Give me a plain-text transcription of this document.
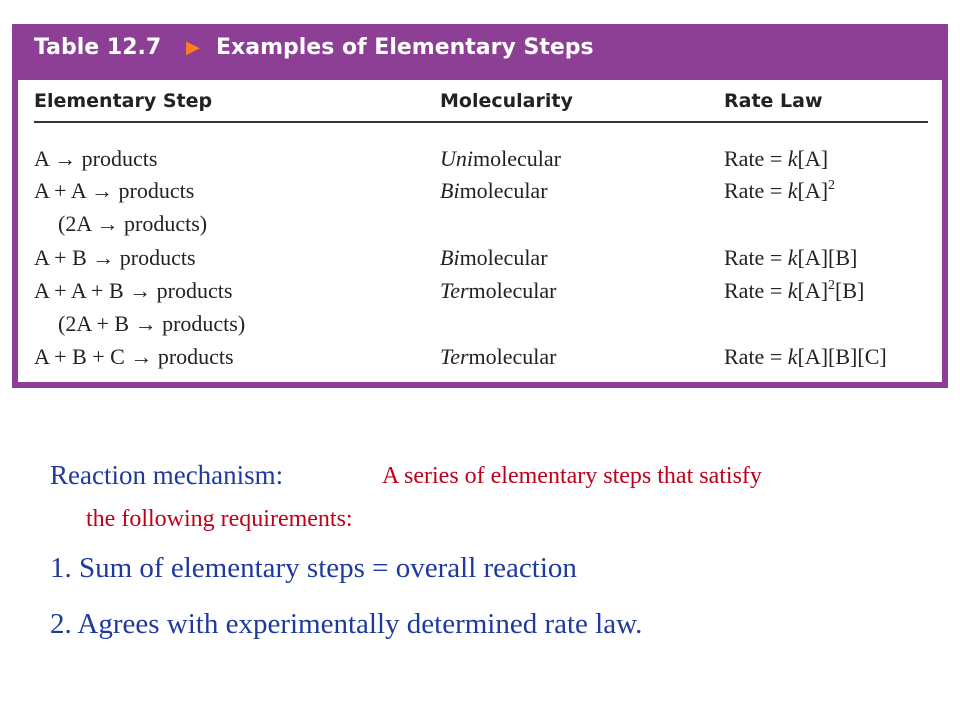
Table 12.7 ▶ Examples of Elementary Steps
Elementary Step	Molecularity	Rate Law
A → products	Unimolecular	Rate = k[A]
A + A → products	Bimolecular	Rate = $k[A]^2$
(2A → products)
A + B → products	Bimolecular	Rate = k[A][B]
A + A + B → products	Termolecular	Rate = $k[A]^2[B]$
(2A + B → products)
A + B + C → products	Termolecular	Rate = k[A][B][C]
Reaction mechanism:	A series of elementary steps that satisfy
the following requirements:
1. Sum of elementary steps = overall reaction
2. Agrees with experimentally determined rate law.
